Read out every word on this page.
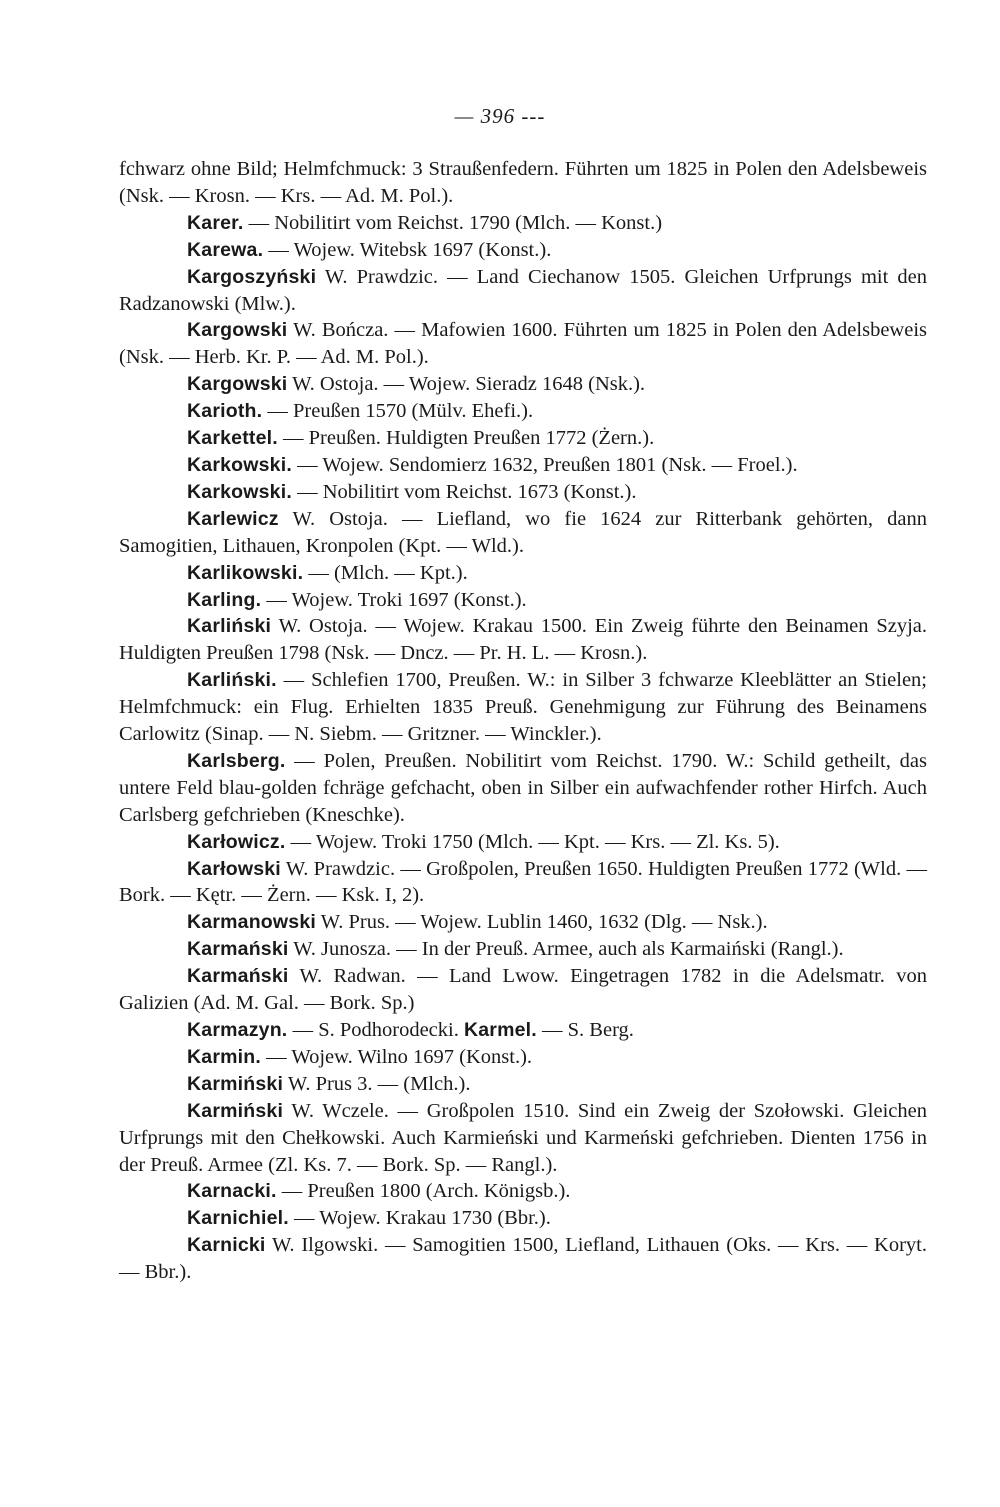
— 396 ---

fchwarz ohne Bild; Helmfchmuck: 3 Straußenfedern. Führten um 1825 in Polen den Adelsbeweis (Nsk. — Krosn. — Krs. — Ad. M. Pol.).

Karer. — Nobilitirt vom Reichst. 1790 (Mlch. — Konst.)

Karewa. — Wojew. Witebsk 1697 (Konst.).

Kargoszyński W. Prawdzic. — Land Ciechanow 1505. Gleichen Urfprungs mit den Radzanowski (Mlw.).

Kargowski W. Bończa. — Mafowien 1600. Führten um 1825 in Polen den Adelsbeweis (Nsk. — Herb. Kr. P. — Ad. M. Pol.).

Kargowski W. Ostoja. — Wojew. Sieradz 1648 (Nsk.).

Karioth. — Preußen 1570 (Mülv. Ehefi.).

Karkettel. — Preußen. Huldigten Preußen 1772 (Żern.).

Karkowski. — Wojew. Sendomierz 1632, Preußen 1801 (Nsk. — Froel.).

Karkowski. — Nobilitirt vom Reichst. 1673 (Konst.).

Karlewicz W. Ostoja. — Liefland, wo fie 1624 zur Ritterbank gehörten, dann Samogitien, Lithauen, Kronpolen (Kpt. — Wld.).

Karlikowski. — (Mlch. — Kpt.).

Karling. — Wojew. Troki 1697 (Konst.).

Karliński W. Ostoja. — Wojew. Krakau 1500. Ein Zweig führte den Beinamen Szyja. Huldigten Preußen 1798 (Nsk. — Dncz. — Pr. H. L. — Krosn.).

Karliński. — Schlefien 1700, Preußen. W.: in Silber 3 fchwarze Kleeblätter an Stielen; Helmfchmuck: ein Flug. Erhielten 1835 Preuß. Genehmigung zur Führung des Beinamens Carlowitz (Sinap. — N. Siebm. — Gritzner. — Winckler.).

Karlsberg. — Polen, Preußen. Nobilitirt vom Reichst. 1790. W.: Schild getheilt, das untere Feld blau-golden fchräge gefchacht, oben in Silber ein aufwachfender rother Hirfch. Auch Carlsberg gefchrieben (Kneschke).

Karłowicz. — Wojew. Troki 1750 (Mlch. — Kpt. — Krs. — Zl. Ks. 5).

Karłowski W. Prawdzic. — Großpolen, Preußen 1650. Huldigten Preußen 1772 (Wld. — Bork. — Kętr. — Żern. — Ksk. I, 2).

Karmanowski W. Prus. — Wojew. Lublin 1460, 1632 (Dlg. — Nsk.).

Karmański W. Junosza. — In der Preuß. Armee, auch als Karmaiński (Rangl.).

Karmański W. Radwan. — Land Lwow. Eingetragen 1782 in die Adelsmatr. von Galizien (Ad. M. Gal. — Bork. Sp.)

Karmazyn. — S. Podhorodecki. Karmel. — S. Berg.

Karmin. — Wojew. Wilno 1697 (Konst.).

Karmiński W. Prus 3. — (Mlch.).

Karmiński W. Wczele. — Großpolen 1510. Sind ein Zweig der Szołowski. Gleichen Urfprungs mit den Chełkowski. Auch Karmieński und Karmeński gefchrieben. Dienten 1756 in der Preuß. Armee (Zl. Ks. 7. — Bork. Sp. — Rangl.).

Karnacki. — Preußen 1800 (Arch. Königsb.).

Karnichiel. — Wojew. Krakau 1730 (Bbr.).

Karnicki W. Ilgowski. — Samogitien 1500, Liefland, Lithauen (Oks. — Krs. — Koryt. — Bbr.).
